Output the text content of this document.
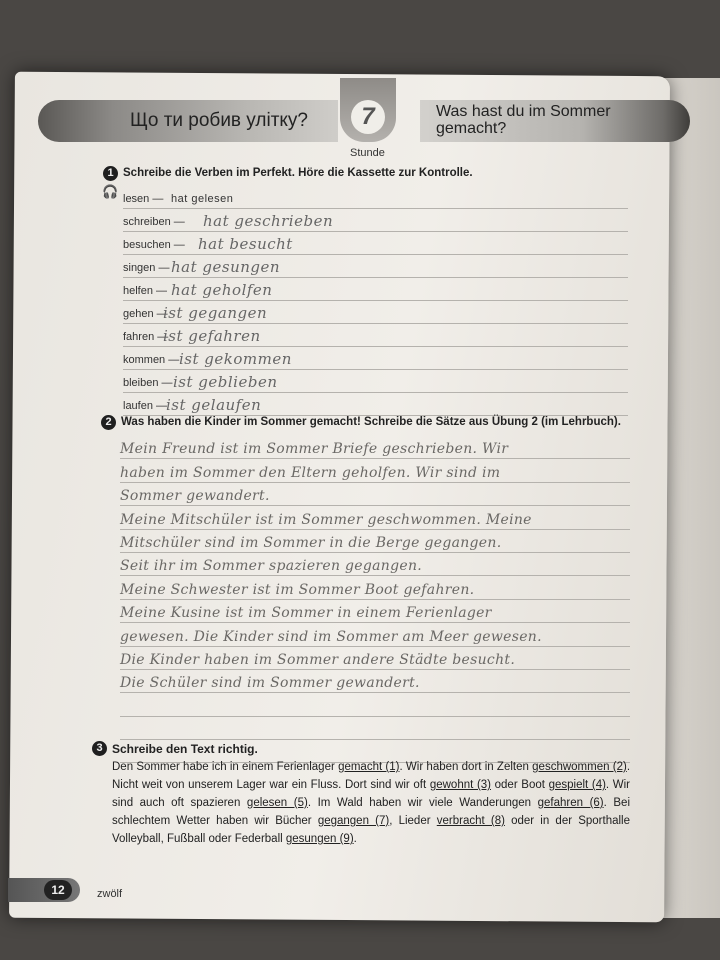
Що ти робив улітку?	Was hast du im Sommer gemacht?
7
Stunde
1 Schreibe die Verben im Perfekt. Höre die Kassette zur Kontrolle.
🎧 lesen — hat gelesen
schreiben — hat geschrieben
besuchen — hat besucht
singen — hat gesungen
helfen — hat geholfen
gehen —
ist gegangen
fahren —
ist gefahren
kommen — ist gekommen
bleiben — ist geblieben
laufen —
ist gelaufen
2 Was haben die Kinder im Sommer gemacht! Schreibe die Sätze aus Übung 2 (im Lehrbuch).
Mein Freund ist im Sommer Briefe geschrieben. Wir
haben im Sommer den Eltern geholfen. Wir sind im
Sommer gewandert.
Meine Mitschüler ist im Sommer geschwommen. Meine
Mitschüler sind im Sommer in die Berge gegangen.
Seit ihr im Sommer spazieren gegangen.
Meine Schwester ist im Sommer Boot gefahren.
Meine Kusine ist im Sommer in einem Ferienlager
gewesen. Die Kinder sind im Sommer am Meer gewesen.
Die Kinder haben im Sommer andere Städte besucht.
Die Schüler sind im Sommer gewandert.
3 Schreibe den Text richtig.
Den Sommer habe ich in einem Ferienlager gemacht (1). Wir haben dort in Zelten geschwommen (2). Nicht weit von unserem Lager war ein Fluss. Dort sind wir oft gewohnt (3) oder Boot gespielt (4). Wir sind auch oft spazieren gelesen (5). Im Wald haben wir viele Wanderungen gefahren (6). Bei schlechtem Wetter haben wir Bücher gegangen (7), Lieder verbracht (8) oder in der Sporthalle Volleyball, Fußball oder Federball gesungen (9).
12	zwölf
